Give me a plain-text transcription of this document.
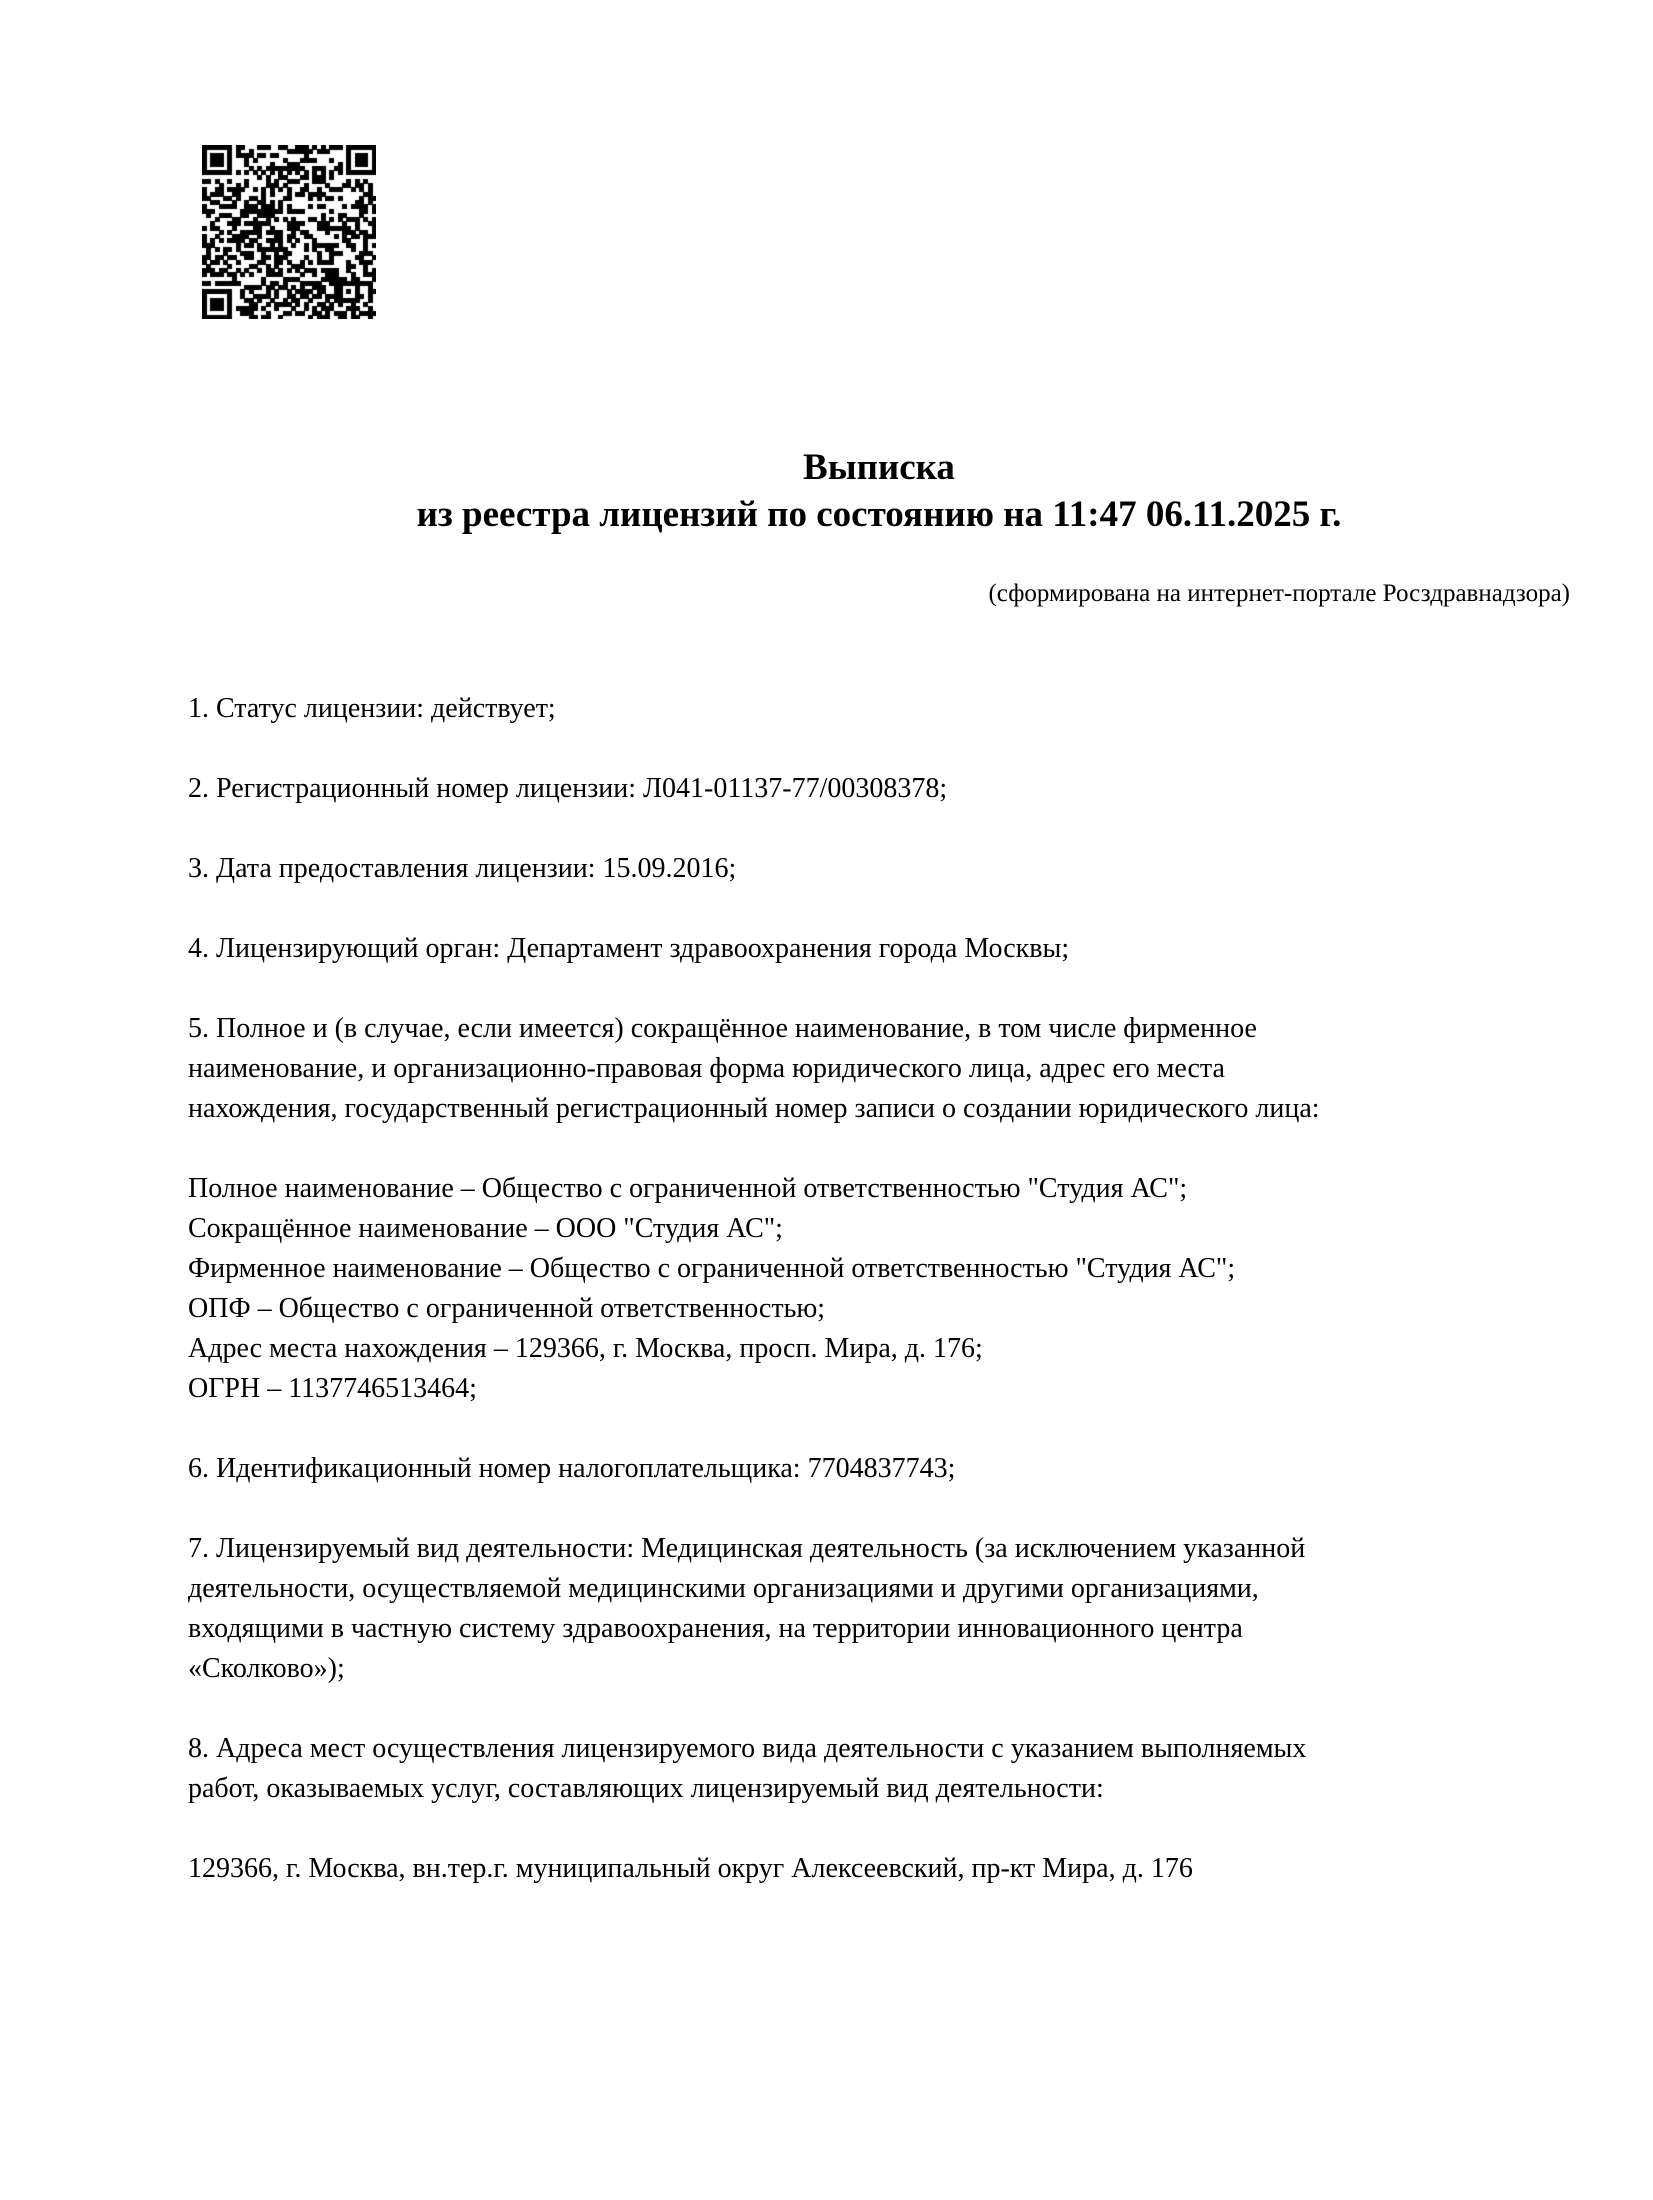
Выписка
из реестра лицензий по состоянию на 11:47 06.11.2025 г.
(сформирована на интернет-портале Росздравнадзора)
1. Статус лицензии: действует;
2. Регистрационный номер лицензии: Л041-01137-77/00308378;
3. Дата предоставления лицензии: 15.09.2016;
4. Лицензирующий орган: Департамент здравоохранения города Москвы;
5. Полное и (в случае, если имеется) сокращённое наименование, в том числе фирменное
наименование, и организационно-правовая форма юридического лица, адрес его места
нахождения, государственный регистрационный номер записи о создании юридического лица:
Полное наименование – Общество с ограниченной ответственностью "Студия АС";
Сокращённое наименование – ООО "Студия АС";
Фирменное наименование – Общество с ограниченной ответственностью "Студия АС";
ОПФ – Общество с ограниченной ответственностью;
Адрес места нахождения – 129366, г. Москва, просп. Мира, д. 176;
ОГРН – 1137746513464;
6. Идентификационный номер налогоплательщика: 7704837743;
7. Лицензируемый вид деятельности: Медицинская деятельность (за исключением указанной
деятельности, осуществляемой медицинскими организациями и другими организациями,
входящими в частную систему здравоохранения, на территории инновационного центра
«Сколково»);
8. Адреса мест осуществления лицензируемого вида деятельности с указанием выполняемых
работ, оказываемых услуг, составляющих лицензируемый вид деятельности:
129366, г. Москва, вн.тер.г. муниципальный округ Алексеевский, пр-кт Мира, д. 176
